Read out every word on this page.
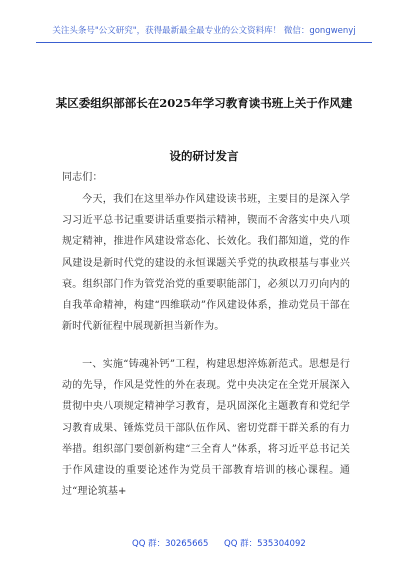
关注头条号"公文研究"，获得最新最全最专业的公文资料库！ 微信：gongwenyj
某区委组织部部长在2025年学习教育读书班上关于作风建
设的研讨发言
同志们：
今天，我们在这里举办作风建设读书班，主要目的是深入学习习近平总书记重要讲话重要指示精神，锲而不舍落实中央八项规定精神，推进作风建设常态化、长效化。我们都知道，党的作风建设是新时代党的建设的永恒课题关乎党的执政根基与事业兴衰。组织部门作为管党治党的重要职能部门，必须以刀刃向内的自我革命精神，构建“四维联动”作风建设体系，推动党员干部在新时代新征程中展现新担当新作为。
一、实施“铸魂补钙”工程，构建思想淬炼新范式。思想是行动的先导，作风是党性的外在表现。党中央决定在全党开展深入贯彻中央八项规定精神学习教育，是巩固深化主题教育和党纪学习教育成果、锤炼党员干部队伍作风、密切党群干群关系的有力举措。组织部门要创新构建“三全育人”体系，将习近平总书记关于作风建设的重要论述作为党员干部教育培训的核心课程。通过“理论筑基+
QQ 群：30265665 QQ 群：535304092
